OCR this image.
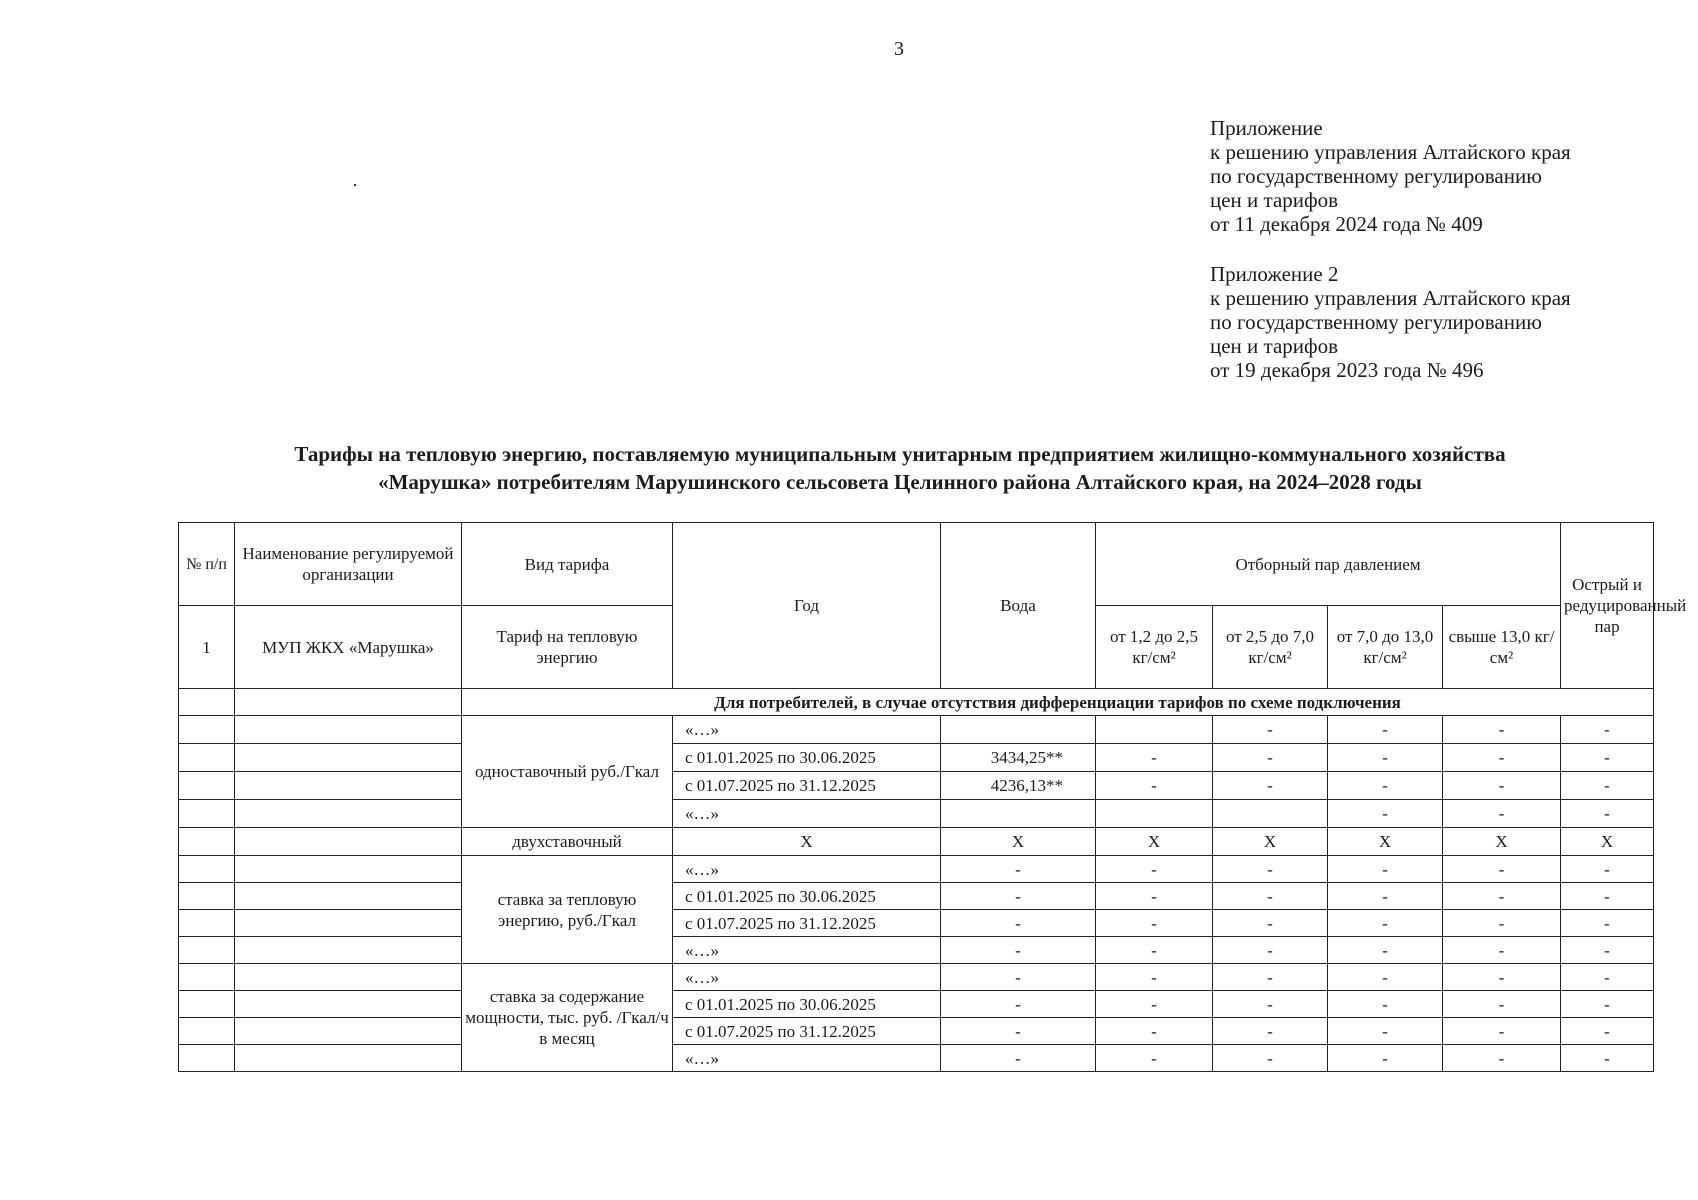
3
Приложение
к решению управления Алтайского края
по государственному регулированию
цен и тарифов
от 11 декабря 2024 года № 409
Приложение 2
к решению управления Алтайского края
по государственному регулированию
цен и тарифов
от 19 декабря 2023 года № 496
Тарифы на тепловую энергию, поставляемую муниципальным унитарным предприятием жилищно-коммунального хозяйства
«Марушка» потребителям Марушинского сельсовета Целинного района Алтайского края, на 2024–2028 годы
№ п/п	Наименование регулируемой организации	Вид тарифа	Год	Вода	Отборный пар давлением				Острый и редуцированный пар
1	МУП ЖКХ «Марушка»	Тариф на тепловую энергию			от 1,2 до 2,5 кг/см²	от 2,5 до 7,0 кг/см²	от 7,0 до 13,0 кг/см²	свыше 13,0 кг/см²	
		Для потребителей, в случае отсутствия дифференциации тарифов по схеме подключения							
		одноставочный руб./Гкал	«…»			-	-	-	-
			с 01.01.2025 по 30.06.2025	3434,25**	-	-	-	-	-
			с 01.07.2025 по 31.12.2025	4236,13**	-	-	-	-	-
			«…»				-	-	-
		двухставочный	Х	Х	Х	Х	Х	Х	Х
		ставка за тепловую энергию, руб./Гкал	«…»	-	-	-	-	-	-
			с 01.01.2025 по 30.06.2025	-	-	-	-	-	-
			с 01.07.2025 по 31.12.2025	-	-	-	-	-	-
			«…»	-	-	-	-	-	-
		ставка за содержание мощности, тыс. руб. /Гкал/ч в месяц	«…»	-	-	-	-	-	-
			с 01.01.2025 по 30.06.2025	-	-	-	-	-	-
			с 01.07.2025 по 31.12.2025	-	-	-	-	-	-
			«…»	-	-	-	-	-	-
